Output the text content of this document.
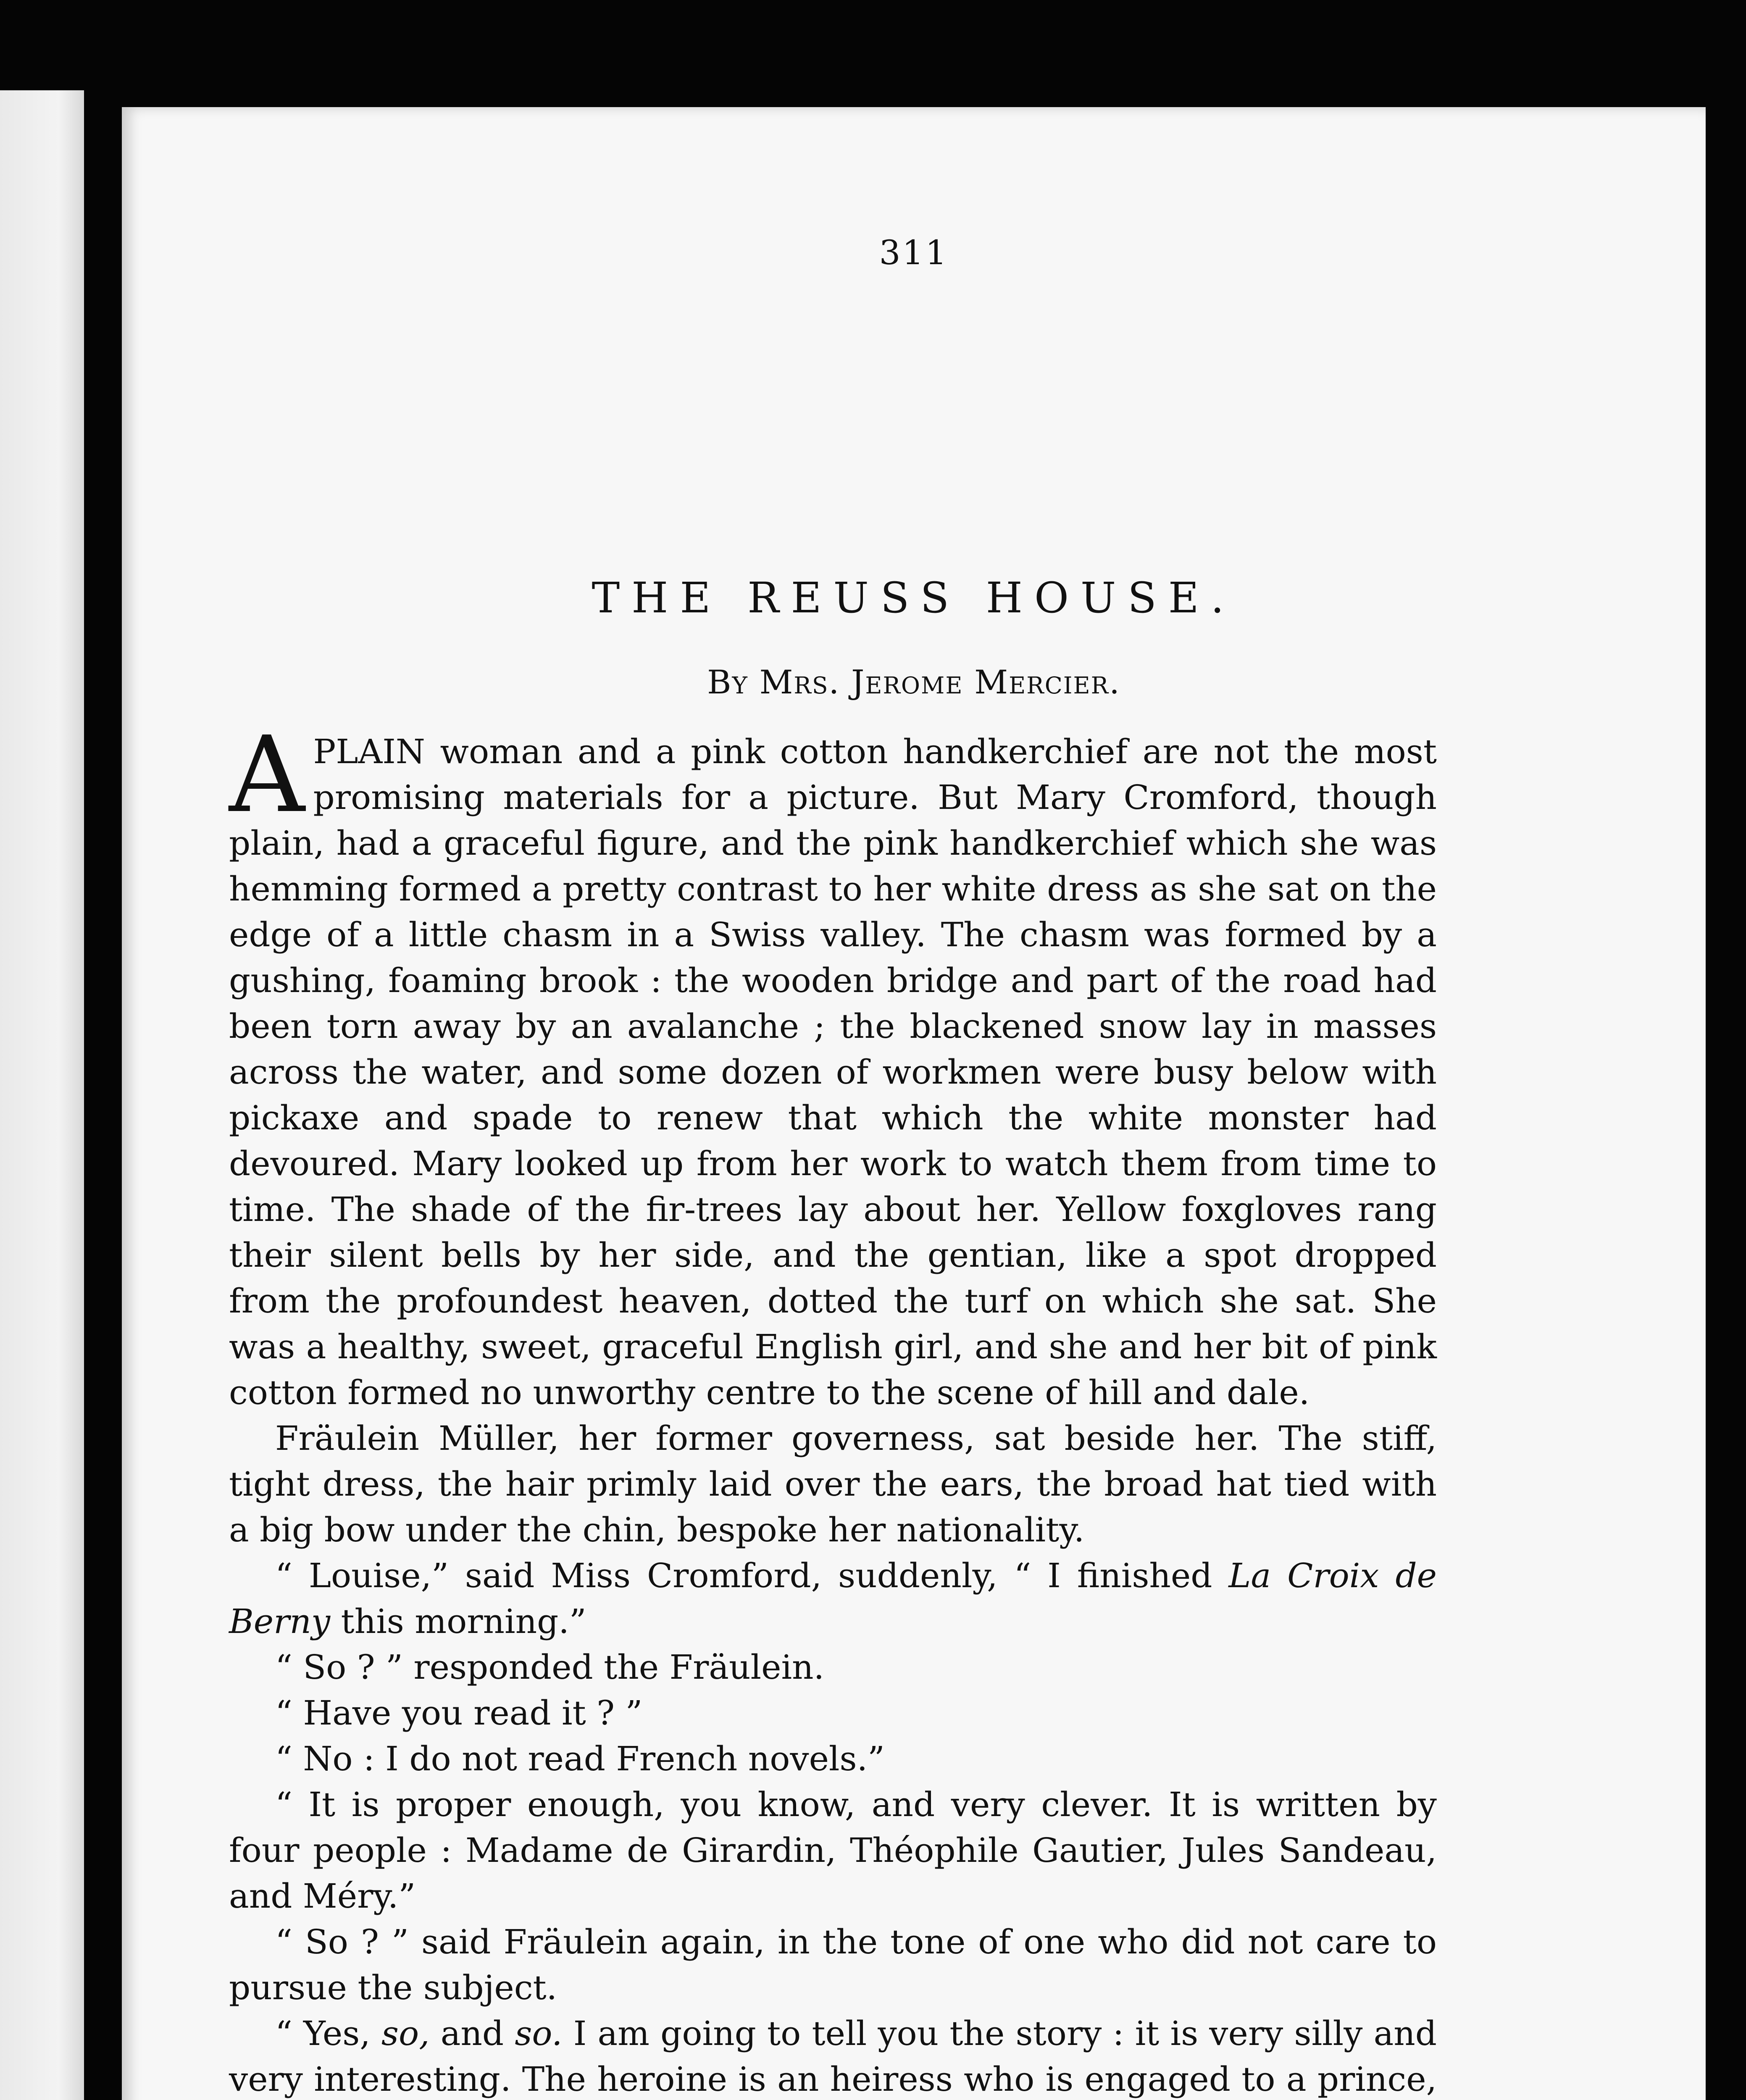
311
THE REUSS HOUSE.
By Mrs. Jerome Mercier.

APLAIN woman and a pink cotton handkerchief are not the most promising materials for a picture. But Mary Cromford, though plain, had a graceful figure, and the pink handkerchief which she was hemming formed a pretty contrast to her white dress as she sat on the edge of a little chasm in a Swiss valley. The chasm was formed by a gushing, foaming brook : the wooden bridge and part of the road had been torn away by an avalanche ; the blackened snow lay in masses across the water, and some dozen of workmen were busy below with pickaxe and spade to renew that which the white monster had devoured. Mary looked up from her work to watch them from time to time. The shade of the fir-trees lay about her. Yellow foxgloves rang their silent bells by her side, and the gentian, like a spot dropped from the profoundest heaven, dotted the turf on which she sat. She was a healthy, sweet, graceful English girl, and she and her bit of pink cotton formed no unworthy centre to the scene of hill and dale.

Fräulein Müller, her former governess, sat beside her. The stiff, tight dress, the hair primly laid over the ears, the broad hat tied with a big bow under the chin, bespoke her nationality.

“ Louise,” said Miss Cromford, suddenly, “ I finished La Croix de Berny this morning.”

“ So ? ” responded the Fräulein.

“ Have you read it ? ”

“ No : I do not read French novels.”

“ It is proper enough, you know, and very clever. It is written by four people : Madame de Girardin, Théophile Gautier, Jules Sandeau, and Méry.”

“ So ? ” said Fräulein again, in the tone of one who did not care to pursue the subject.

“ Yes, so, and so. I am going to tell you the story : it is very silly and very interesting. The heroine is an heiress who is engaged to a prince,
